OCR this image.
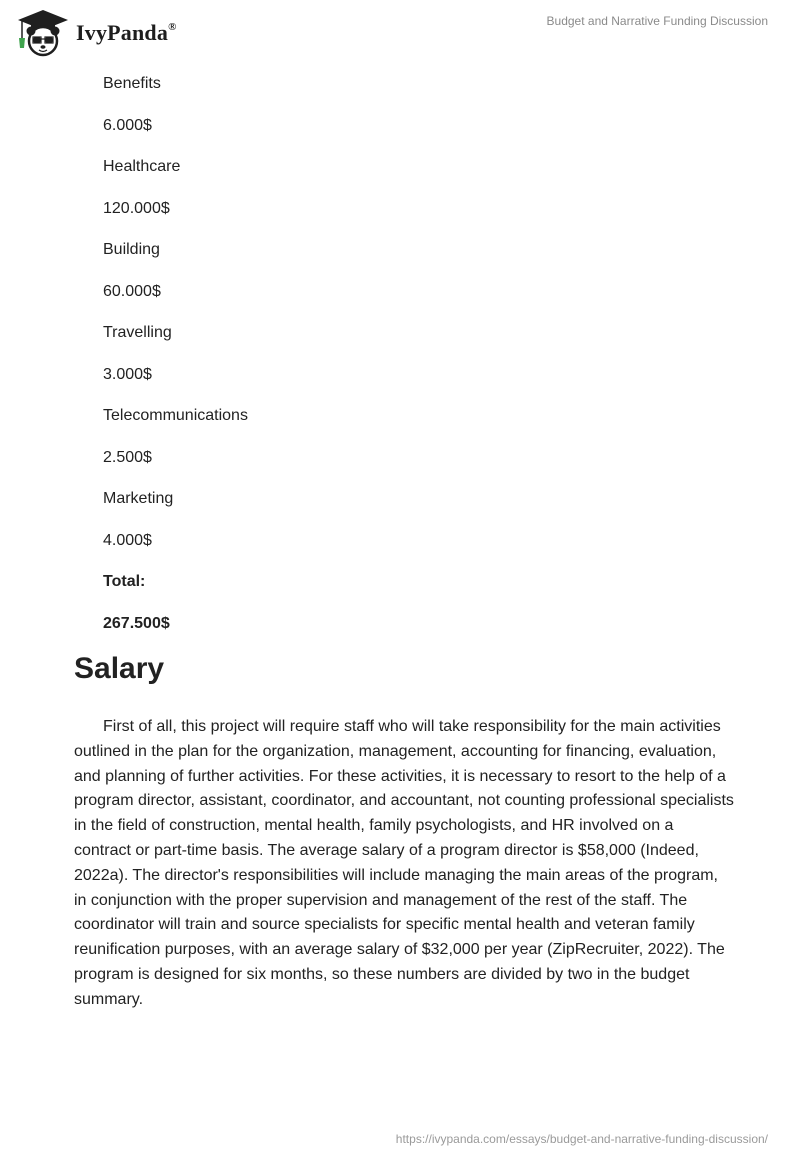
IvyPanda®	Budget and Narrative Funding Discussion
Benefits
6.000$
Healthcare
120.000$
Building
60.000$
Travelling
3.000$
Telecommunications
2.500$
Marketing
4.000$
Total:
267.500$
Salary

First of all, this project will require staff who will take responsibility for the main activities outlined in the plan for the organization, management, accounting for financing, evaluation, and planning of further activities. For these activities, it is necessary to resort to the help of a program director, assistant, coordinator, and accountant, not counting professional specialists in the field of construction, mental health, family psychologists, and HR involved on a contract or part-time basis. The average salary of a program director is $58,000 (Indeed, 2022a). The director's responsibilities will include managing the main areas of the program, in conjunction with the proper supervision and management of the rest of the staff. The coordinator will train and source specialists for specific mental health and veteran family reunification purposes, with an average salary of $32,000 per year (ZipRecruiter, 2022). The program is designed for six months, so these numbers are divided by two in the budget summary.

https://ivypanda.com/essays/budget-and-narrative-funding-discussion/
